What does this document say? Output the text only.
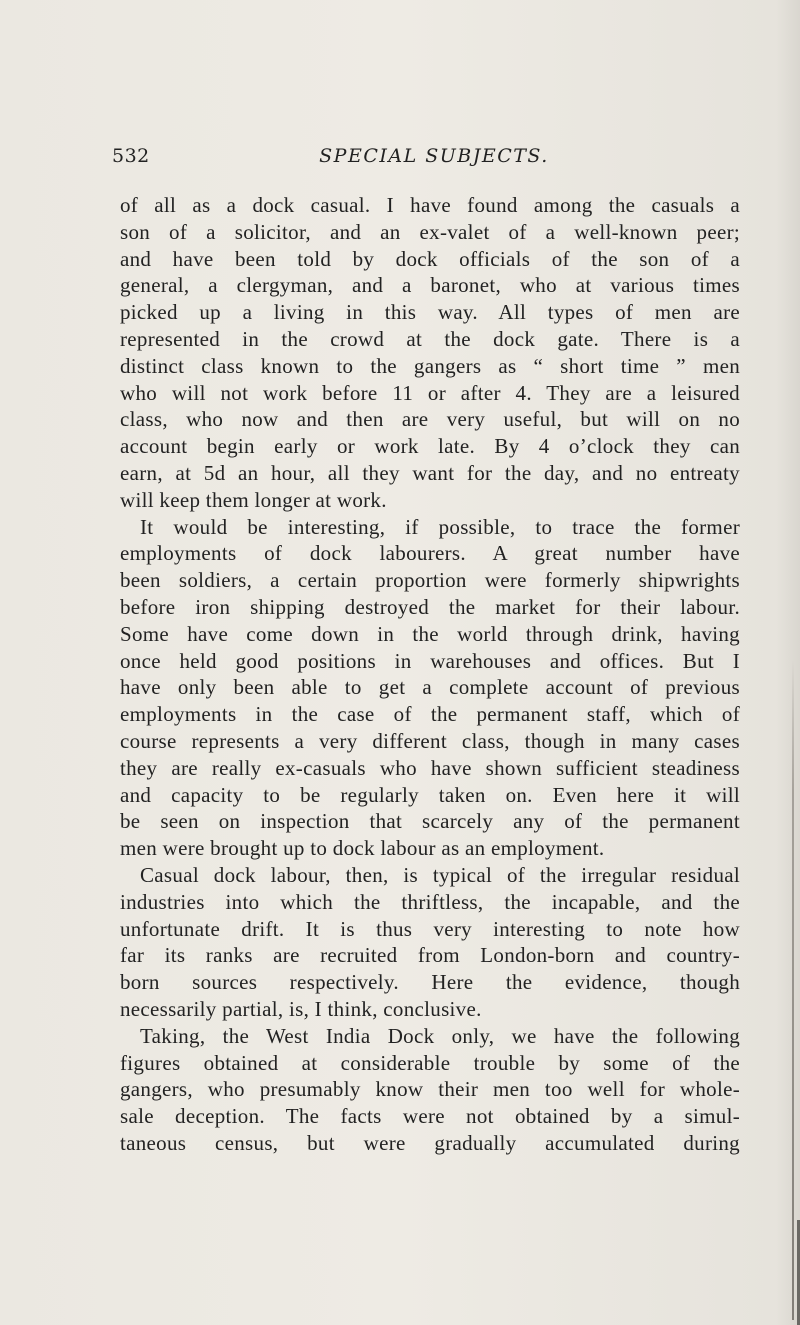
532	SPECIAL SUBJECTS.
of all as a dock casual. I have found among the casuals a
son of a solicitor, and an ex-valet of a well-known peer;
and have been told by dock officials of the son of a
general, a clergyman, and a baronet, who at various times
picked up a living in this way. All types of men are
represented in the crowd at the dock gate. There is a
distinct class known to the gangers as “ short time ” men
who will not work before 11 or after 4. They are a leisured
class, who now and then are very useful, but will on no
account begin early or work late. By 4 o’clock they can
earn, at 5d an hour, all they want for the day, and no entreaty
will keep them longer at work.
It would be interesting, if possible, to trace the former
employments of dock labourers. A great number have
been soldiers, a certain proportion were formerly shipwrights
before iron shipping destroyed the market for their labour.
Some have come down in the world through drink, having
once held good positions in warehouses and offices. But I
have only been able to get a complete account of previous
employments in the case of the permanent staff, which of
course represents a very different class, though in many cases
they are really ex-casuals who have shown sufficient steadiness
and capacity to be regularly taken on. Even here it will
be seen on inspection that scarcely any of the permanent
men were brought up to dock labour as an employment.
Casual dock labour, then, is typical of the irregular residual
industries into which the thriftless, the incapable, and the
unfortunate drift. It is thus very interesting to note how
far its ranks are recruited from London-born and country-
born sources respectively. Here the evidence, though
necessarily partial, is, I think, conclusive.
Taking, the West India Dock only, we have the following
figures obtained at considerable trouble by some of the
gangers, who presumably know their men too well for whole-
sale deception. The facts were not obtained by a simul-
taneous census, but were gradually accumulated during
